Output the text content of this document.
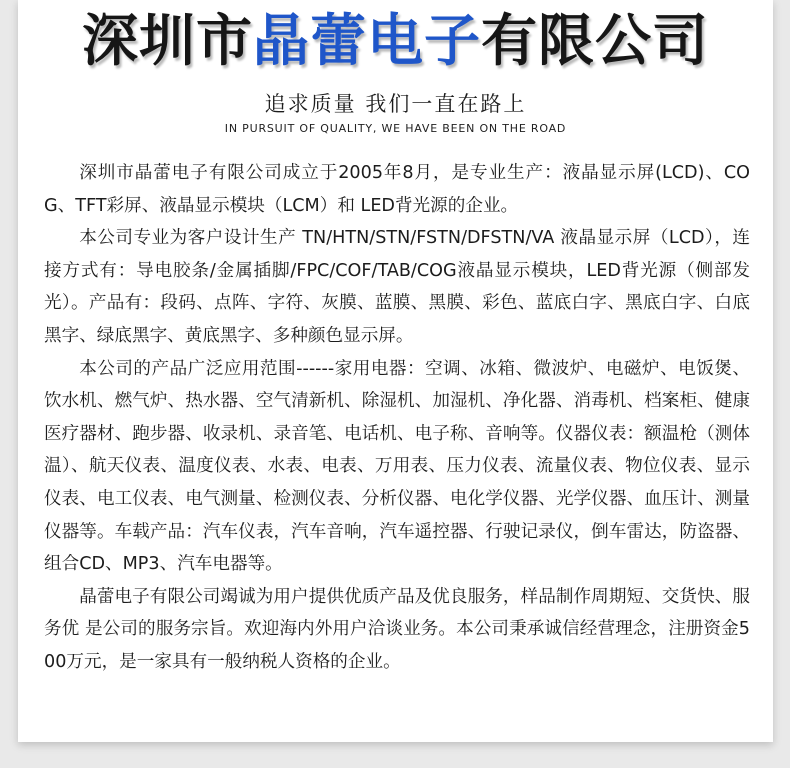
深圳市晶蕾电子有限公司
追求质量 我们一直在路上
IN PURSUIT OF QUALITY, WE HAVE BEEN ON THE ROAD

深圳市晶蕾电子有限公司成立于2005年8月，是专业生产：液晶显示屏(LCD)、COG、TFT彩屏、液晶显示模块（LCM）和 LED背光源的企业。

本公司专业为客户设计生产 TN/HTN/STN/FSTN/DFSTN/VA 液晶显示屏（LCD），连接方式有：导电胶条/金属插脚/FPC/COF/TAB/COG液晶显示模块，LED背光源（侧部发光）。产品有：段码、点阵、字符、灰膜、蓝膜、黑膜、彩色、蓝底白字、黑底白字、白底黑字、绿底黑字、黄底黑字、多种颜色显示屏。

本公司的产品广泛应用范围------家用电器：空调、冰箱、微波炉、电磁炉、电饭煲、饮水机、燃气炉、热水器、空气清新机、除湿机、加湿机、净化器、消毒机、档案柜、健康医疗器材、跑步器、收录机、录音笔、电话机、电子称、音响等。仪器仪表：额温枪（测体温）、航天仪表、温度仪表、水表、电表、万用表、压力仪表、流量仪表、物位仪表、显示仪表、电工仪表、电气测量、检测仪表、分析仪器、电化学仪器、光学仪器、血压计、测量仪器等。车载产品：汽车仪表，汽车音响，汽车遥控器、行驶记录仪，倒车雷达，防盗器、组合CD、MP3、汽车电器等。

晶蕾电子有限公司竭诚为用户提供优质产品及优良服务，样品制作周期短、交货快、服务优 是公司的服务宗旨。欢迎海内外用户洽谈业务。本公司秉承诚信经营理念，注册资金500万元，是一家具有一般纳税人资格的企业。
